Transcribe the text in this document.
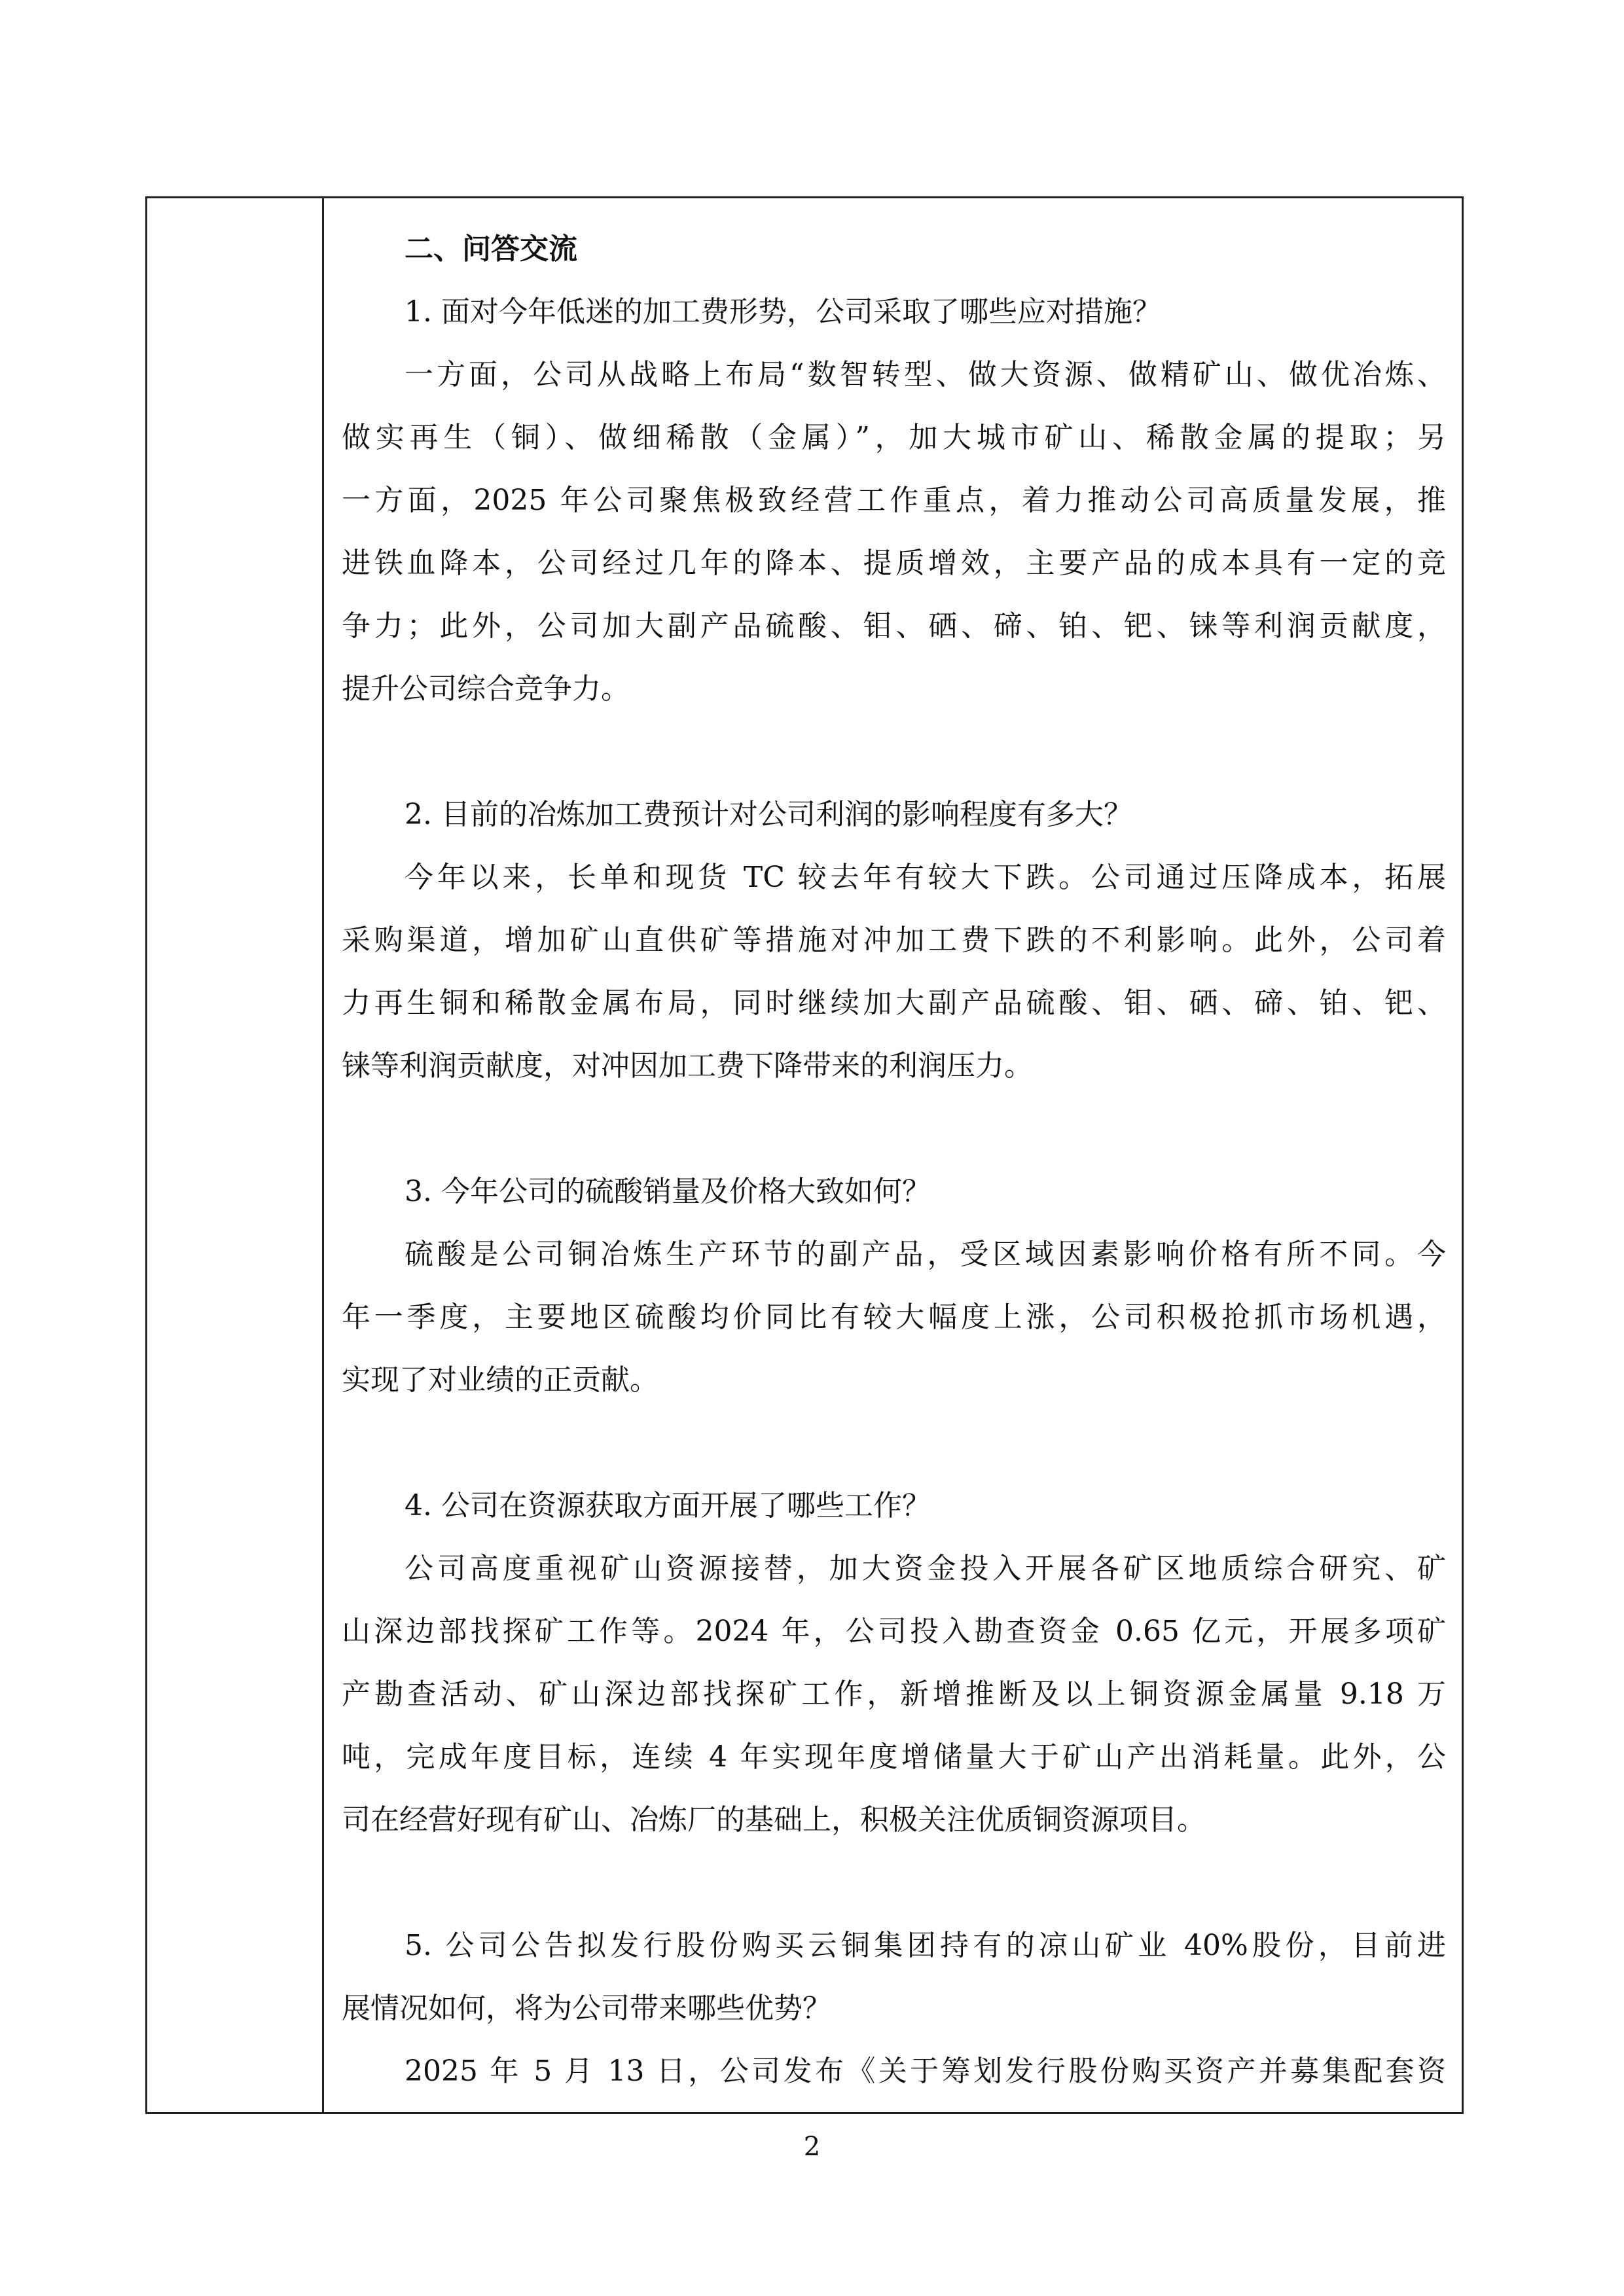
二、问答交流
1. 面对今年低迷的加工费形势，公司采取了哪些应对措施？
一方面，公司从战略上布局“数智转型、做大资源、做精矿山、做优冶炼、
做实再生（铜）、做细稀散（金属）”，加大城市矿山、稀散金属的提取；另
一方面，2025 年公司聚焦极致经营工作重点，着力推动公司高质量发展，推
进铁血降本，公司经过几年的降本、提质增效，主要产品的成本具有一定的竞
争力；此外，公司加大副产品硫酸、钼、硒、碲、铂、钯、铼等利润贡献度，
提升公司综合竞争力。
2. 目前的冶炼加工费预计对公司利润的影响程度有多大？
今年以来，长单和现货 TC 较去年有较大下跌。公司通过压降成本，拓展
采购渠道，增加矿山直供矿等措施对冲加工费下跌的不利影响。此外，公司着
力再生铜和稀散金属布局，同时继续加大副产品硫酸、钼、硒、碲、铂、钯、
铼等利润贡献度，对冲因加工费下降带来的利润压力。
3. 今年公司的硫酸销量及价格大致如何？
硫酸是公司铜冶炼生产环节的副产品，受区域因素影响价格有所不同。今
年一季度，主要地区硫酸均价同比有较大幅度上涨，公司积极抢抓市场机遇，
实现了对业绩的正贡献。
4. 公司在资源获取方面开展了哪些工作？
公司高度重视矿山资源接替，加大资金投入开展各矿区地质综合研究、矿
山深边部找探矿工作等。2024 年，公司投入勘查资金 0.65 亿元，开展多项矿
产勘查活动、矿山深边部找探矿工作，新增推断及以上铜资源金属量 9.18 万
吨，完成年度目标，连续 4 年实现年度增储量大于矿山产出消耗量。此外，公
司在经营好现有矿山、冶炼厂的基础上，积极关注优质铜资源项目。
5. 公司公告拟发行股份购买云铜集团持有的凉山矿业 40%股份，目前进
展情况如何，将为公司带来哪些优势？
2025 年 5 月 13 日，公司发布《关于筹划发行股份购买资产并募集配套资
2
